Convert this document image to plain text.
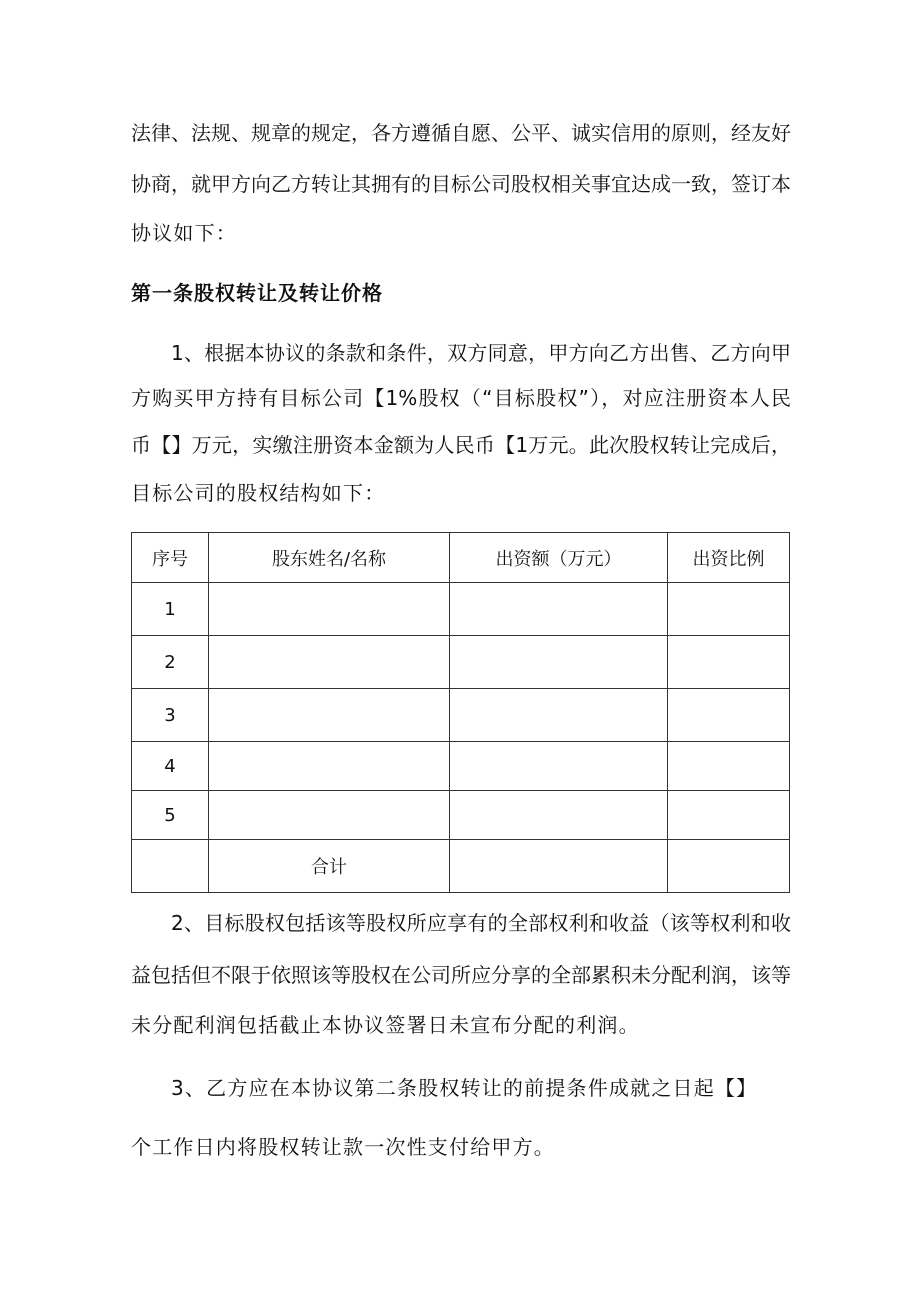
法律、法规、规章的规定，各方遵循自愿、公平、诚实信用的原则，经友好
协商，就甲方向乙方转让其拥有的目标公司股权相关事宜达成一致，签订本
协议如下：
第一条股权转让及转让价格
1、根据本协议的条款和条件，双方同意，甲方向乙方出售、乙方向甲
方购买甲方持有目标公司【1%股权（“目标股权”），对应注册资本人民
币【】万元，实缴注册资本金额为人民币【1万元。此次股权转让完成后，
目标公司的股权结构如下：
序号	股东姓名/名称	出资额（万元）	出资比例
1			
2			
3			
4			
5			
	合计		
2、目标股权包括该等股权所应享有的全部权利和收益（该等权利和收
益包括但不限于依照该等股权在公司所应分享的全部累积未分配利润，该等
未分配利润包括截止本协议签署日未宣布分配的利润。
3、乙方应在本协议第二条股权转让的前提条件成就之日起【】
个工作日内将股权转让款一次性支付给甲方。
